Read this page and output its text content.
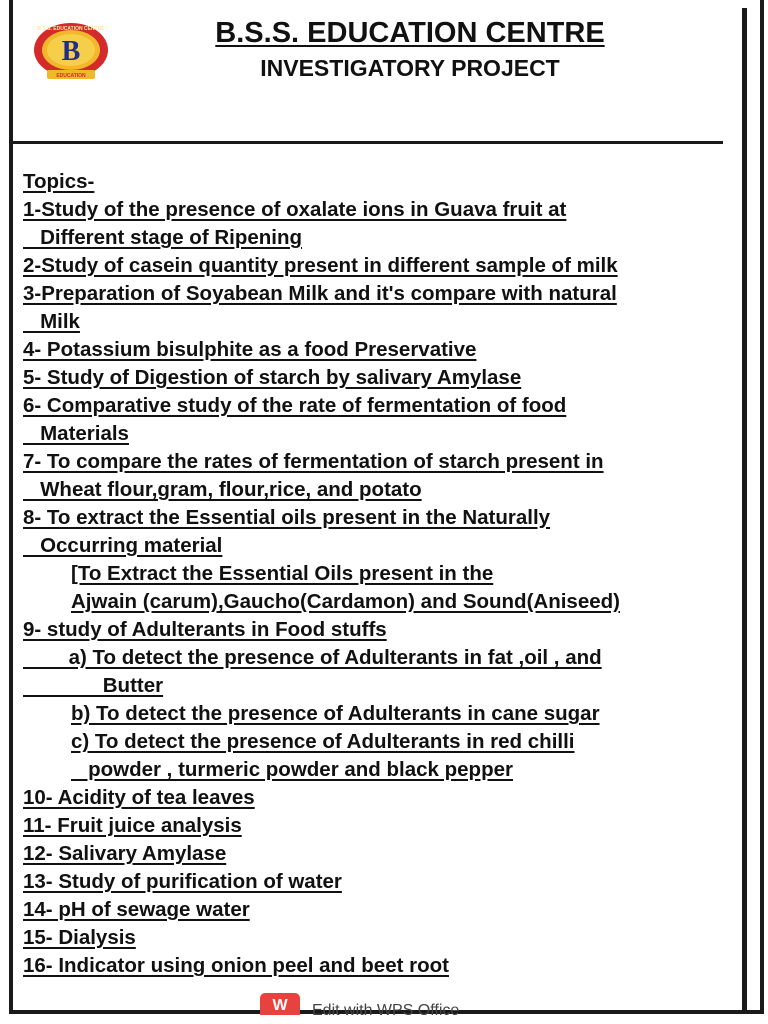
B
EDUCATION
B.S.S. EDUCATION CENTRE	B.S.S. EDUCATION CENTRE
INVESTIGATORY PROJECT
Topics-
1-Study of the presence of oxalate ions in Guava fruit at
Different stage of Ripening
2-Study of casein quantity present in different sample of milk
3-Preparation of Soyabean Milk and it's compare with natural
Milk
4- Potassium bisulphite as a food Preservative
5- Study of Digestion of starch by salivary Amylase
6- Comparative study of the rate of fermentation of food
Materials
7- To compare the rates of fermentation of starch present in
Wheat flour,gram, flour,rice, and potato
8- To extract the Essential oils present in the Naturally
Occurring material
[To Extract the Essential Oils present in the
Ajwain (carum),Gaucho(Cardamon) and Sound(Aniseed)
9- study of Adulterants in Food stuffs
a) To detect the presence of Adulterants in fat ,oil , and
Butter
b) To detect the presence of Adulterants in cane sugar
c) To detect the presence of Adulterants in red chilli
powder , turmeric powder and black pepper
10- Acidity of tea leaves
11- Fruit juice analysis
12- Salivary Amylase
13- Study of purification of water
14- pH of sewage water
15- Dialysis
16- Indicator using onion peel and beet root
W	Edit with WPS Office
